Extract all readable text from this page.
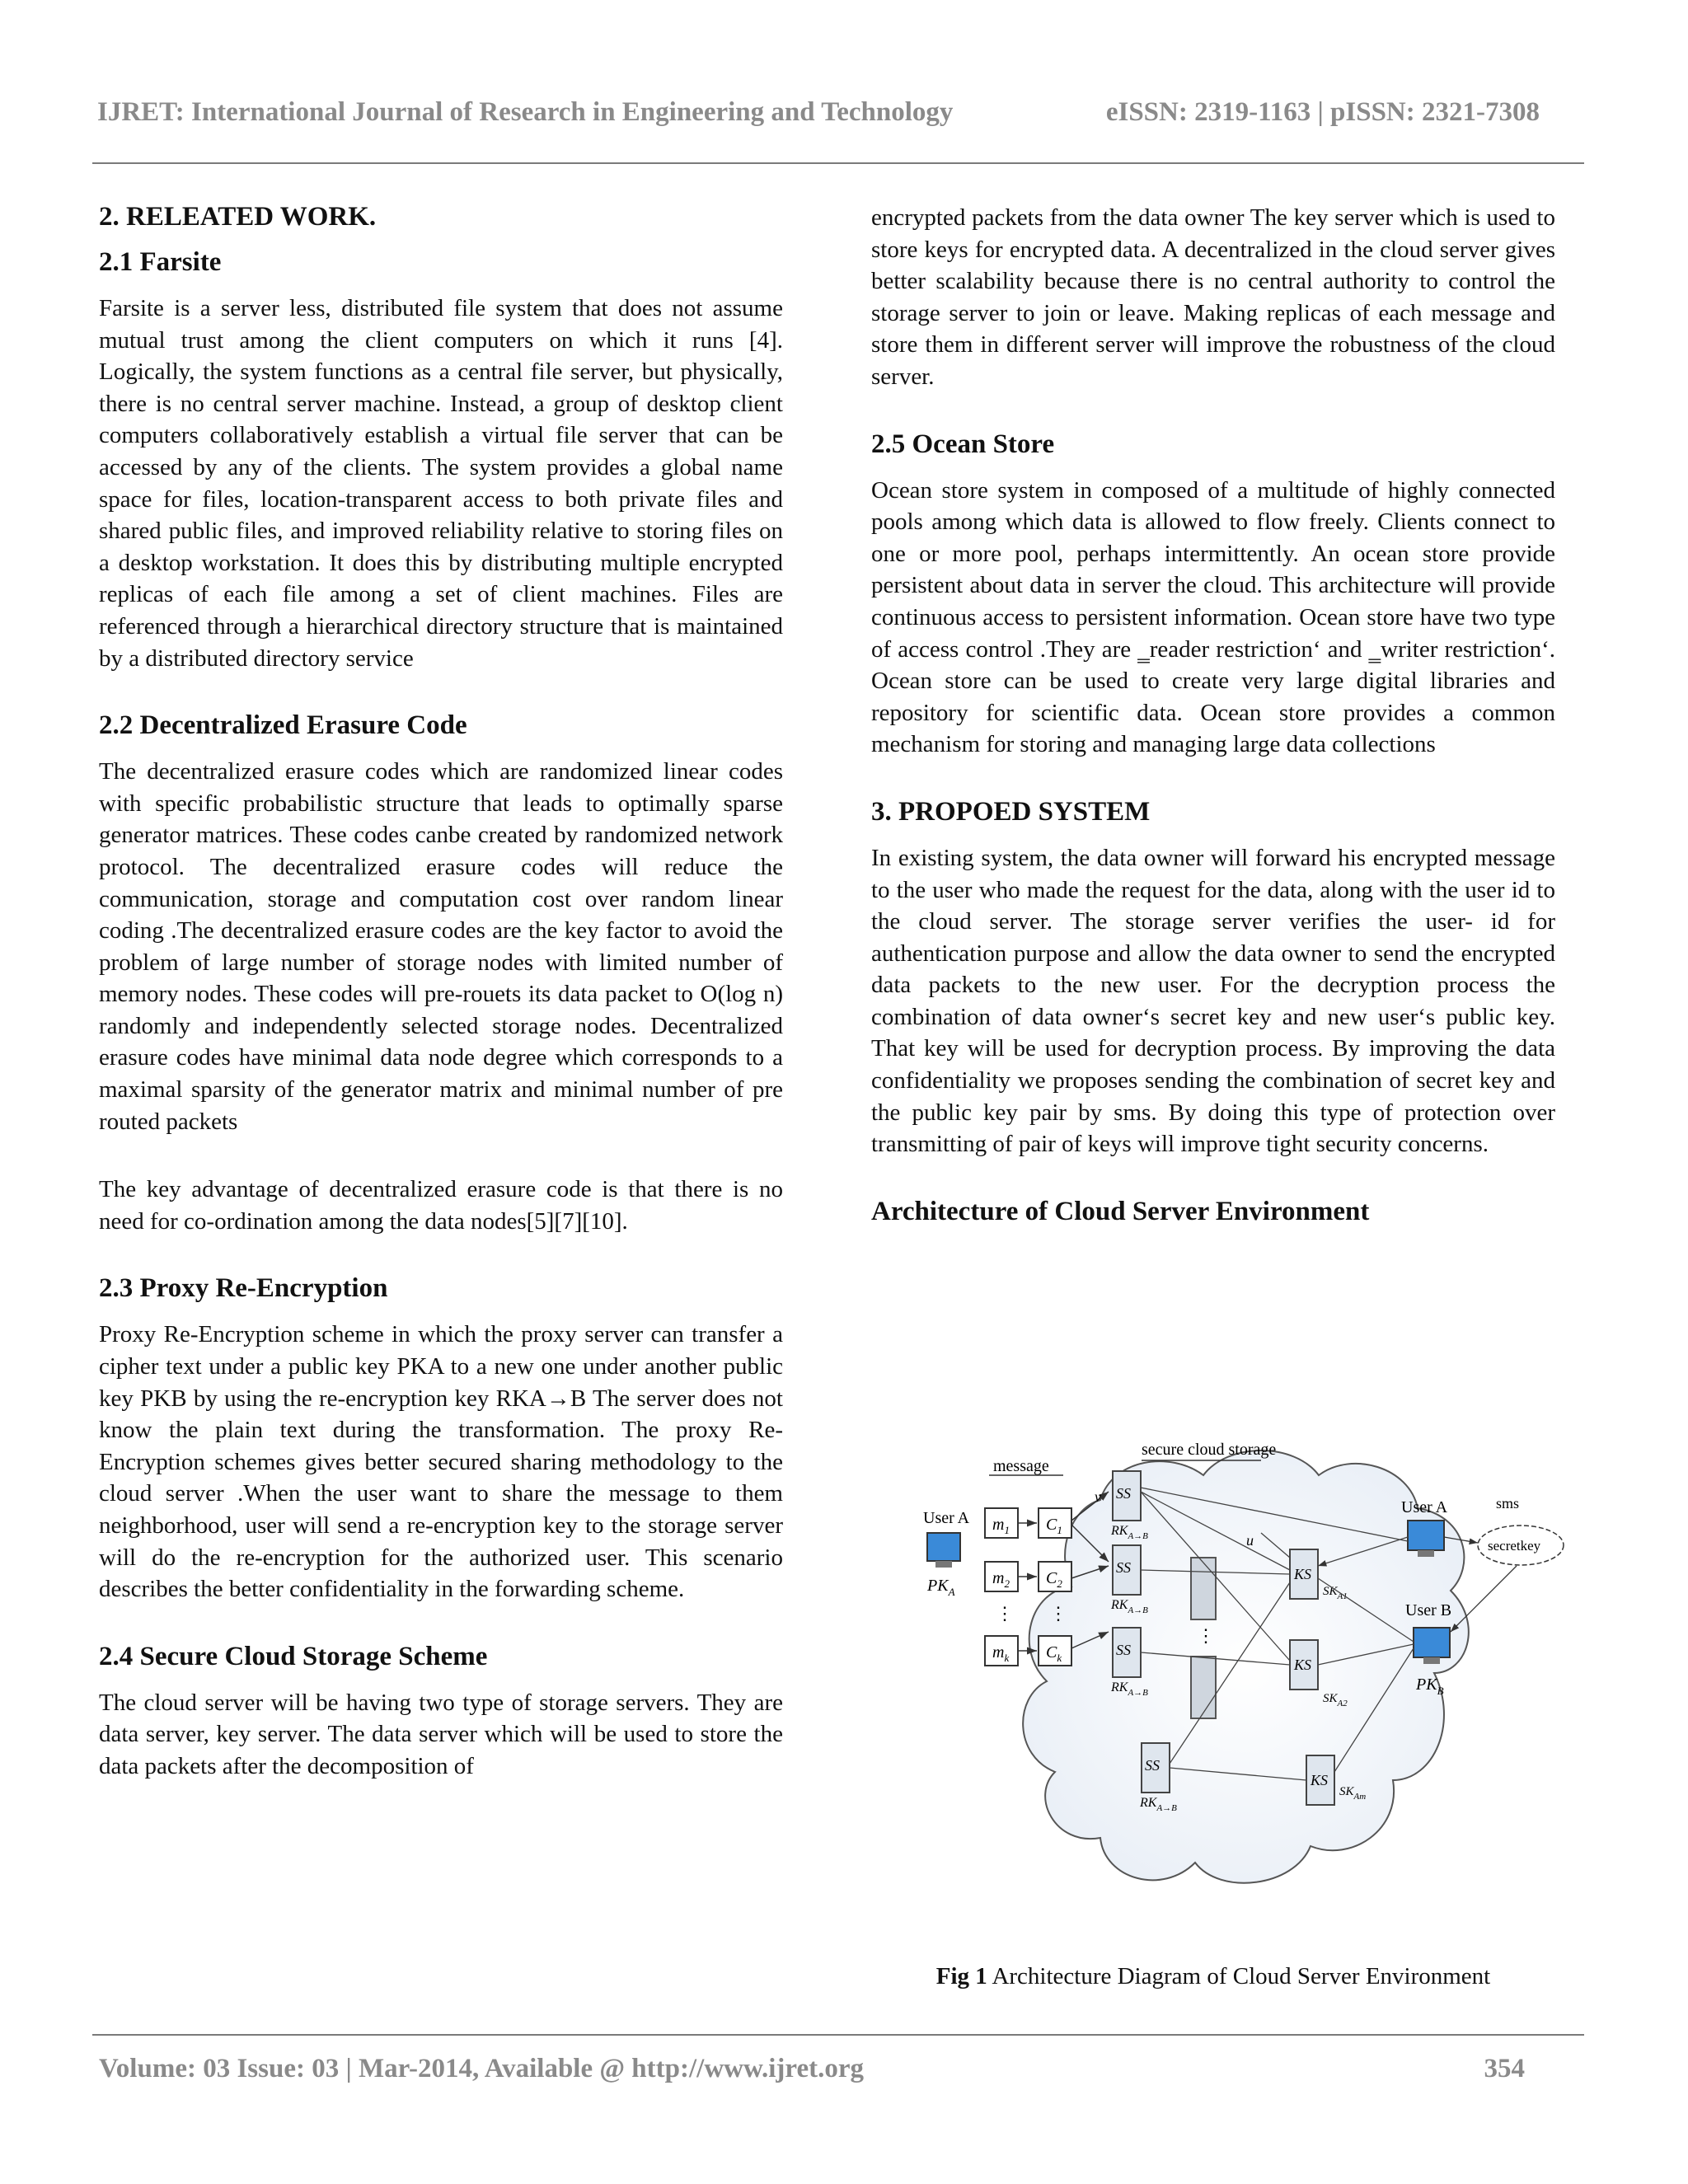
IJRET: International Journal of Research in Engineering and Technology	eISSN: 2319-1163 | pISSN: 2321-7308
2. RELEATED WORK.
2.1 Farsite
Farsite is a server less, distributed file system that does not assume mutual trust among the client computers on which it runs [4]. Logically, the system functions as a central file server, but physically, there is no central server machine. Instead, a group of desktop client computers collaboratively establish a virtual file server that can be accessed by any of the clients. The system provides a global name space for files, location-transparent access to both private files and shared public files, and improved reliability relative to storing files on a desktop workstation. It does this by distributing multiple encrypted replicas of each file among a set of client machines. Files are referenced through a hierarchical directory structure that is maintained by a distributed directory service
2.2 Decentralized Erasure Code
The decentralized erasure codes which are randomized linear codes with specific probabilistic structure that leads to optimally sparse generator matrices. These codes canbe created by randomized network protocol. The decentralized erasure codes will reduce the communication, storage and computation cost over random linear coding .The decentralized erasure codes are the key factor to avoid the problem of large number of storage nodes with limited number of memory nodes. These codes will pre-rouets its data packet to O(log n) randomly and independently selected storage nodes. Decentralized erasure codes have minimal data node degree which corresponds to a maximal sparsity of the generator matrix and minimal number of pre routed packets
The key advantage of decentralized erasure code is that there is no need for co-ordination among the data nodes[5][7][10].
2.3 Proxy Re-Encryption
Proxy Re-Encryption scheme in which the proxy server can transfer a cipher text under a public key PKA to a new one under another public key PKB by using the re-encryption key RKA→B The server does not know the plain text during the transformation. The proxy Re- Encryption schemes gives better secured sharing methodology to the cloud server .When the user want to share the message to them neighborhood, user will send a re-encryption key to the storage server will do the re-encryption for the authorized user. This scenario describes the better confidentiality in the forwarding scheme.
2.4 Secure Cloud Storage Scheme
The cloud server will be having two type of storage servers. They are data server, key server. The data server which will be used to store the data packets after the decomposition of
encrypted packets from the data owner The key server which is used to store keys for encrypted data. A decentralized in the cloud server gives better scalability because there is no central authority to control the storage server to join or leave. Making replicas of each message and store them in different server will improve the robustness of the cloud server.
2.5 Ocean Store
Ocean store system in composed of a multitude of highly connected pools among which data is allowed to flow freely. Clients connect to one or more pool, perhaps intermittently. An ocean store provide persistent about data in server the cloud. This architecture will provide continuous access to persistent information. Ocean store have two type of access control .They are ‗reader restriction‘ and ‗writer restriction‘. Ocean store can be used to create very large digital libraries and repository for scientific data. Ocean store provides a common mechanism for storing and managing large data collections
3. PROPOED SYSTEM
In existing system, the data owner will forward his encrypted message to the user who made the request for the data, along with the user id to the cloud server. The storage server verifies the user- id for authentication purpose and allow the data owner to send the encrypted data packets to the new user. For the decryption process the combination of data owner‘s secret key and new user‘s public key. That key will be used for decryption process. By improving the data confidentiality we proposes sending the combination of secret key and the public key pair by sms. By doing this type of protection over transmitting of pair of keys will improve tight security concerns.
Architecture of Cloud Server Environment
message
secure cloud storage
User A
$PK_A$
$m_1$
$m_2$
⋮
$m_k$
$C_1$
$C_2$
⋮
$C_k$
v SS
$RK_{A\to B}$
SS
$RK_{A\to B}$
SS
$RK_{A\to B}$
SS
$RK_{A\to B}$
⋮
KS
$SK_{A1}$
KS
$SK_{A2}$
KS
$SK_{Am}$
u
User A	sms
secretkey
User B
$PK_B$
Fig 1 Architecture Diagram of Cloud Server Environment
Volume: 03 Issue: 03 | Mar-2014, Available @ http://www.ijret.org	354
